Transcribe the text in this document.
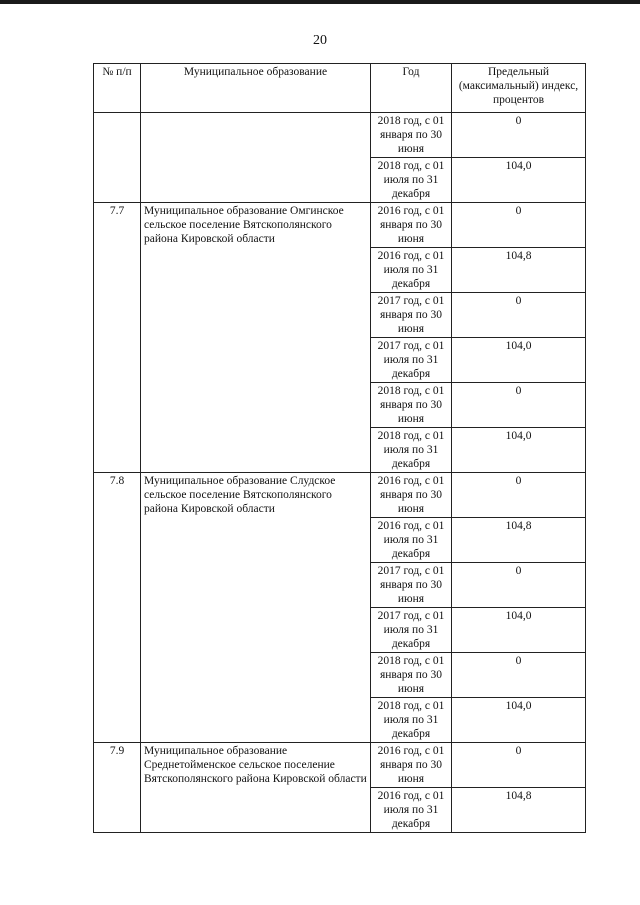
20
№ п/п	Муниципальное образование	Год	Предельный (максимальный) индекс, процентов
		2018 год, с 01 января по 30 июня	0
		2018 год, с 01 июля по 31 декабря	104,0
7.7	Муниципальное образование Омгинское сельское поселение Вятскополянского района Кировской области	2016 год, с 01 января по 30 июня	0
		2016 год, с 01 июля по 31 декабря	104,8
		2017 год, с 01 января по 30 июня	0
		2017 год, с 01 июля по 31 декабря	104,0
		2018 год, с 01 января по 30 июня	0
		2018 год, с 01 июля по 31 декабря	104,0
7.8	Муниципальное образование Слудское сельское поселение Вятскополянского района Кировской области	2016 год, с 01 января по 30 июня	0
		2016 год, с 01 июля по 31 декабря	104,8
		2017 год, с 01 января по 30 июня	0
		2017 год, с 01 июля по 31 декабря	104,0
		2018 год, с 01 января по 30 июня	0
		2018 год, с 01 июля по 31 декабря	104,0
7.9	Муниципальное образование Среднетойменское сельское поселение Вятскополянского района Кировской области	2016 год, с 01 января по 30 июня	0
		2016 год, с 01 июля по 31 декабря	104,8
